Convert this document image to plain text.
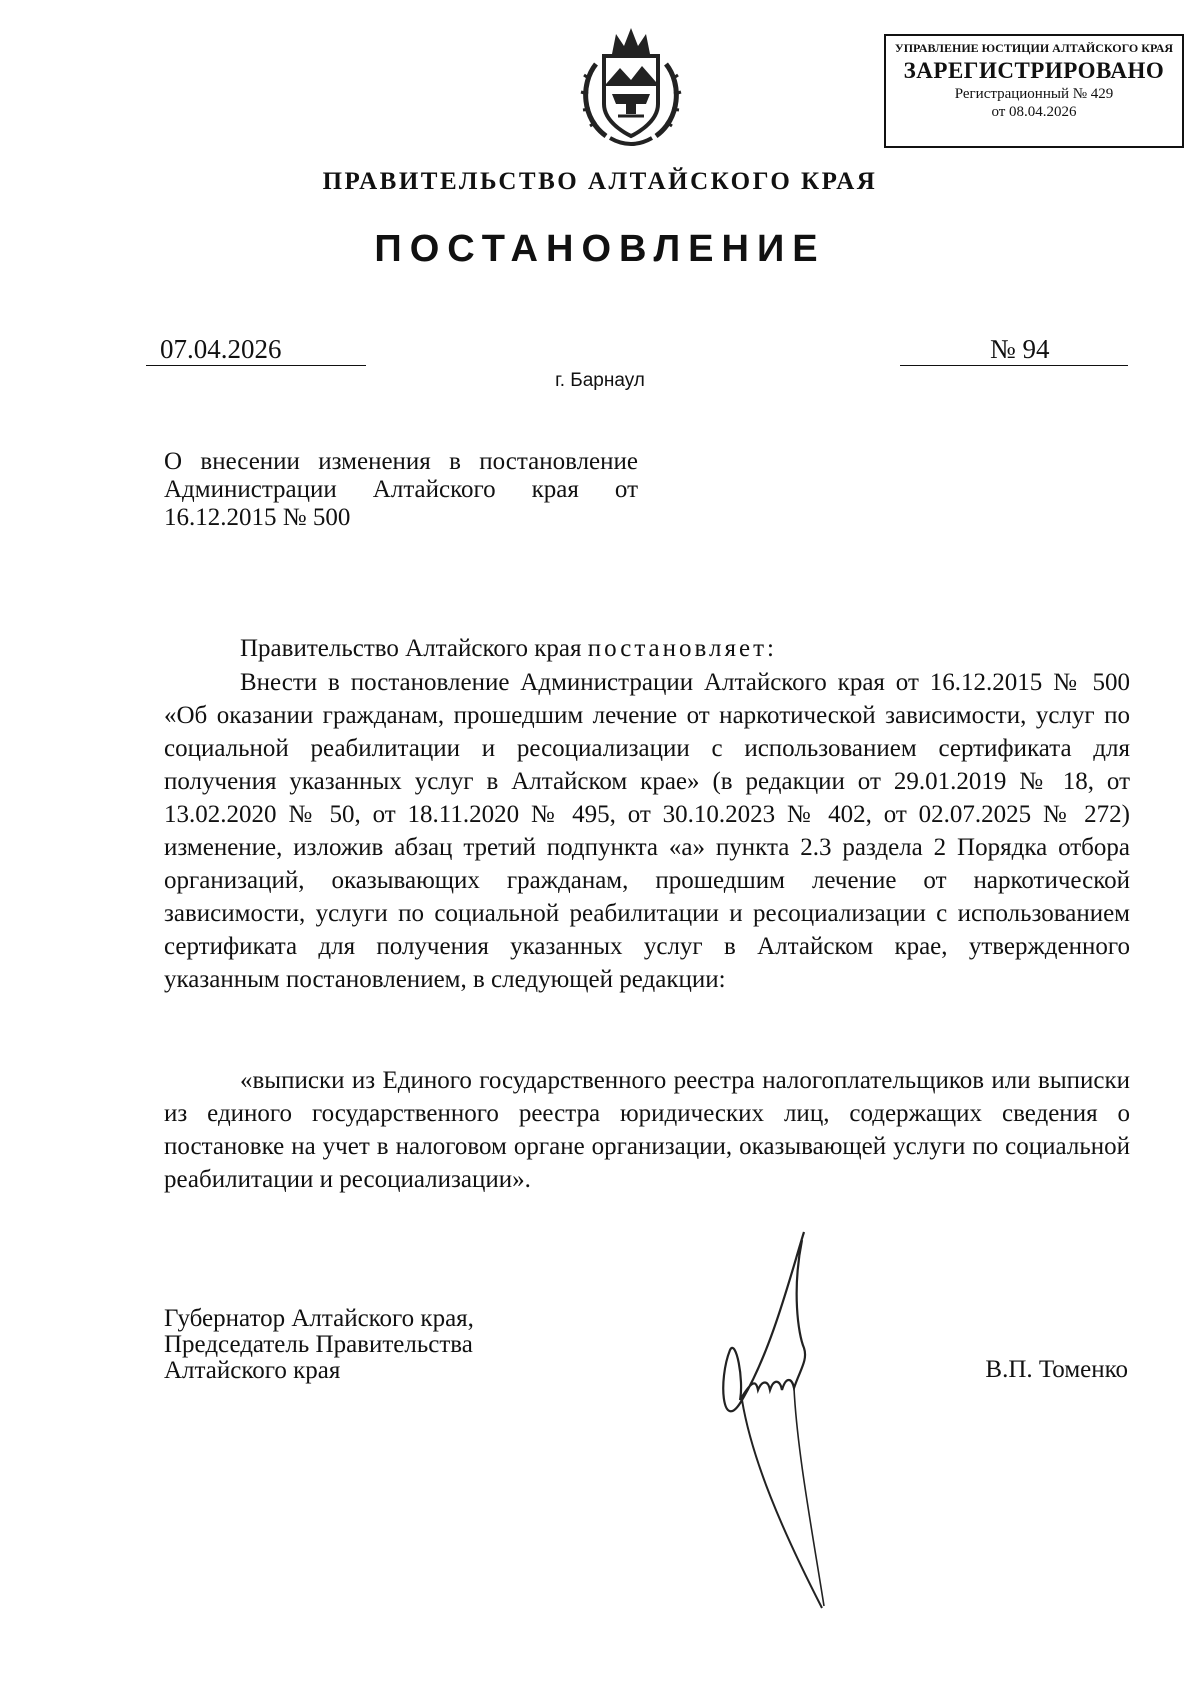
УПРАВЛЕНИЕ ЮСТИЦИИ АЛТАЙСКОГО КРАЯ
ЗАРЕГИСТРИРОВАНО
Регистрационный № 429
от 08.04.2026
ПРАВИТЕЛЬСТВО АЛТАЙСКОГО КРАЯ
ПОСТАНОВЛЕНИЕ
07.04.2026	№ 94
г. Барнаул
О внесении изменения в постановление Администрации Алтайского края от 16.12.2015 № 500
Правительство Алтайского края постановляет:
Внести в постановление Администрации Алтайского края от 16.12.2015 № 500 «Об оказании гражданам, прошедшим лечение от наркотической зависимости, услуг по социальной реабилитации и ресоциализации с использованием сертификата для получения указанных услуг в Алтайском крае» (в редакции от 29.01.2019 № 18, от 13.02.2020 № 50, от 18.11.2020 № 495, от 30.10.2023 № 402, от 02.07.2025 № 272) изменение, изложив абзац третий подпункта «а» пункта 2.3 раздела 2 Порядка отбора организаций, оказывающих гражданам, прошедшим лечение от наркотической зависимости, услуги по социальной реабилитации и ресоциализации с использованием сертификата для получения указанных услуг в Алтайском крае, утвержденного указанным постановлением, в следующей редакции:
«выписки из Единого государственного реестра налогоплательщиков или выписки из единого государственного реестра юридических лиц, содержащих сведения о постановке на учет в налоговом органе организации, оказывающей услуги по социальной реабилитации и ресоциализации».
Губернатор Алтайского края,
Председатель Правительства
Алтайского края	В.П. Томенко
